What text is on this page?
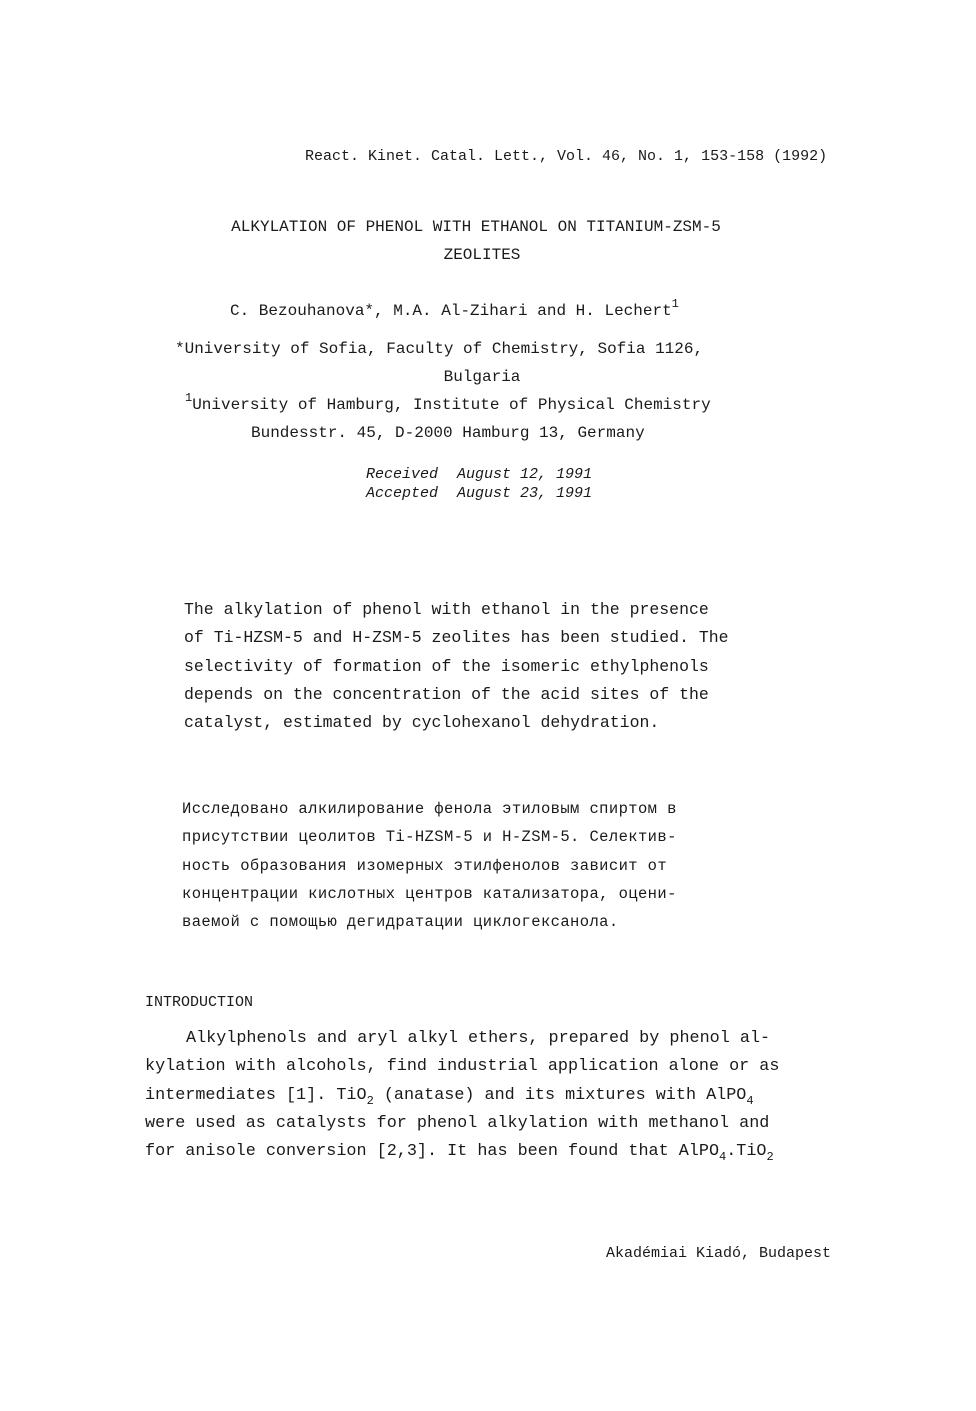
React. Kinet. Catal. Lett., Vol. 46, No. 1, 153-158 (1992)
ALKYLATION OF PHENOL WITH ETHANOL ON TITANIUM-ZSM-5
ZEOLITES
C. Bezouhanova*, M.A. Al-Zihari and H. Lechert$^1$
*University of Sofia, Faculty of Chemistry, Sofia 1126,
Bulgaria
$^1$University of Hamburg, Institute of Physical Chemistry
Bundesstr. 45, D-2000 Hamburg 13, Germany
Received August 12, 1991
Accepted August 23, 1991
The alkylation of phenol with ethanol in the presence
of Ti-HZSM-5 and H-ZSM-5 zeolites has been studied. The
selectivity of formation of the isomeric ethylphenols
depends on the concentration of the acid sites of the
catalyst, estimated by cyclohexanol dehydration.
Исследовано алкилирование фенола этиловым спиртом в
присутствии цеолитов Ti-HZSM-5 и H-ZSM-5. Селектив-
ность образования изомерных этилфенолов зависит от
концентрации кислотных центров катализатора, оцени-
ваемой с помощью дегидратации циклогексанола.
INTRODUCTION
Alkylphenols and aryl alkyl ethers, prepared by phenol al-
kylation with alcohols, find industrial application alone or as
intermediates [1]. TiO$_2$ (anatase) and its mixtures with AlPO$_4$
were used as catalysts for phenol alkylation with methanol and
for anisole conversion [2,3]. It has been found that AlPO$_4$.TiO$_2$
Akadémiai Kiadó, Budapest
